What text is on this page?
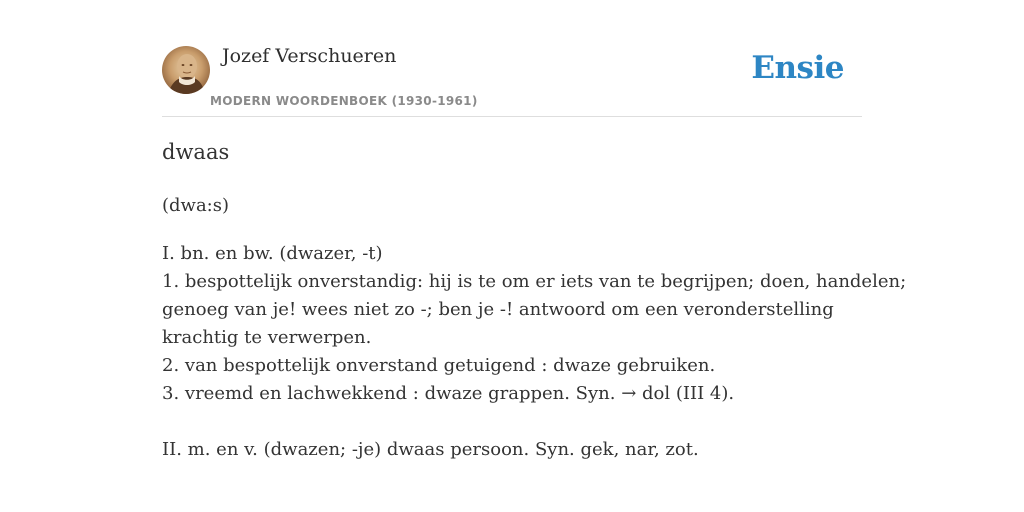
Jozef Verschueren
MODERN WOORDENBOEK (1930-1961)
Ensie
dwaas
(dwa:s)
I. bn. en bw. (dwazer, -t)
1. bespottelijk onverstandig: hij is te om er iets van te begrijpen; doen, handelen;
genoeg van je! wees niet zo -; ben je -! antwoord om een veronderstelling
krachtig te verwerpen.
2. van bespottelijk onverstand getuigend : dwaze gebruiken.
3. vreemd en lachwekkend : dwaze grappen. Syn. → dol (III 4).
II. m. en v. (dwazen; -je) dwaas persoon. Syn. gek, nar, zot.
